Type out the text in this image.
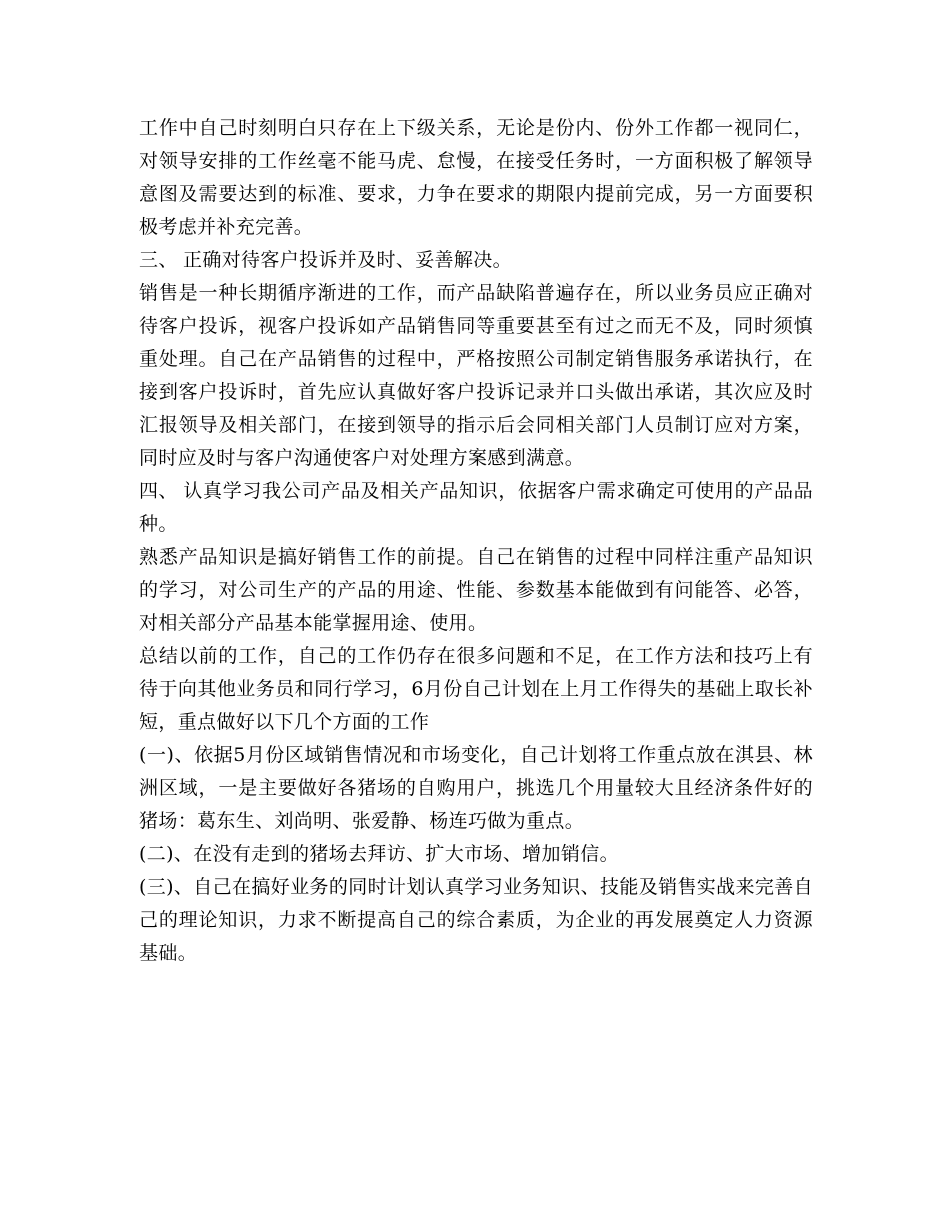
工作中自己时刻明白只存在上下级关系，无论是份内、份外工作都一视同仁，对领导安排的工作丝毫不能马虎、怠慢，在接受任务时，一方面积极了解领导意图及需要达到的标准、要求，力争在要求的期限内提前完成，另一方面要积极考虑并补充完善。

三、 正确对待客户投诉并及时、妥善解决。

销售是一种长期循序渐进的工作，而产品缺陷普遍存在，所以业务员应正确对待客户投诉，视客户投诉如产品销售同等重要甚至有过之而无不及，同时须慎重处理。自己在产品销售的过程中，严格按照公司制定销售服务承诺执行，在接到客户投诉时，首先应认真做好客户投诉记录并口头做出承诺，其次应及时汇报领导及相关部门，在接到领导的指示后会同相关部门人员制订应对方案，同时应及时与客户沟通使客户对处理方案感到满意。

四、 认真学习我公司产品及相关产品知识，依据客户需求确定可使用的产品品种。

熟悉产品知识是搞好销售工作的前提。自己在销售的过程中同样注重产品知识的学习，对公司生产的产品的用途、性能、参数基本能做到有问能答、必答，对相关部分产品基本能掌握用途、使用。

总结以前的工作，自己的工作仍存在很多问题和不足，在工作方法和技巧上有待于向其他业务员和同行学习，6月份自己计划在上月工作得失的基础上取长补短，重点做好以下几个方面的工作

(一)、依据5月份区域销售情况和市场变化，自己计划将工作重点放在淇县、林洲区域，一是主要做好各猪场的自购用户，挑选几个用量较大且经济条件好的猪场：葛东生、刘尚明、张爱静、杨连巧做为重点。

(二)、在没有走到的猪场去拜访、扩大市场、增加销信。

(三)、自己在搞好业务的同时计划认真学习业务知识、技能及销售实战来完善自己的理论知识，力求不断提高自己的综合素质，为企业的再发展奠定人力资源基础。
